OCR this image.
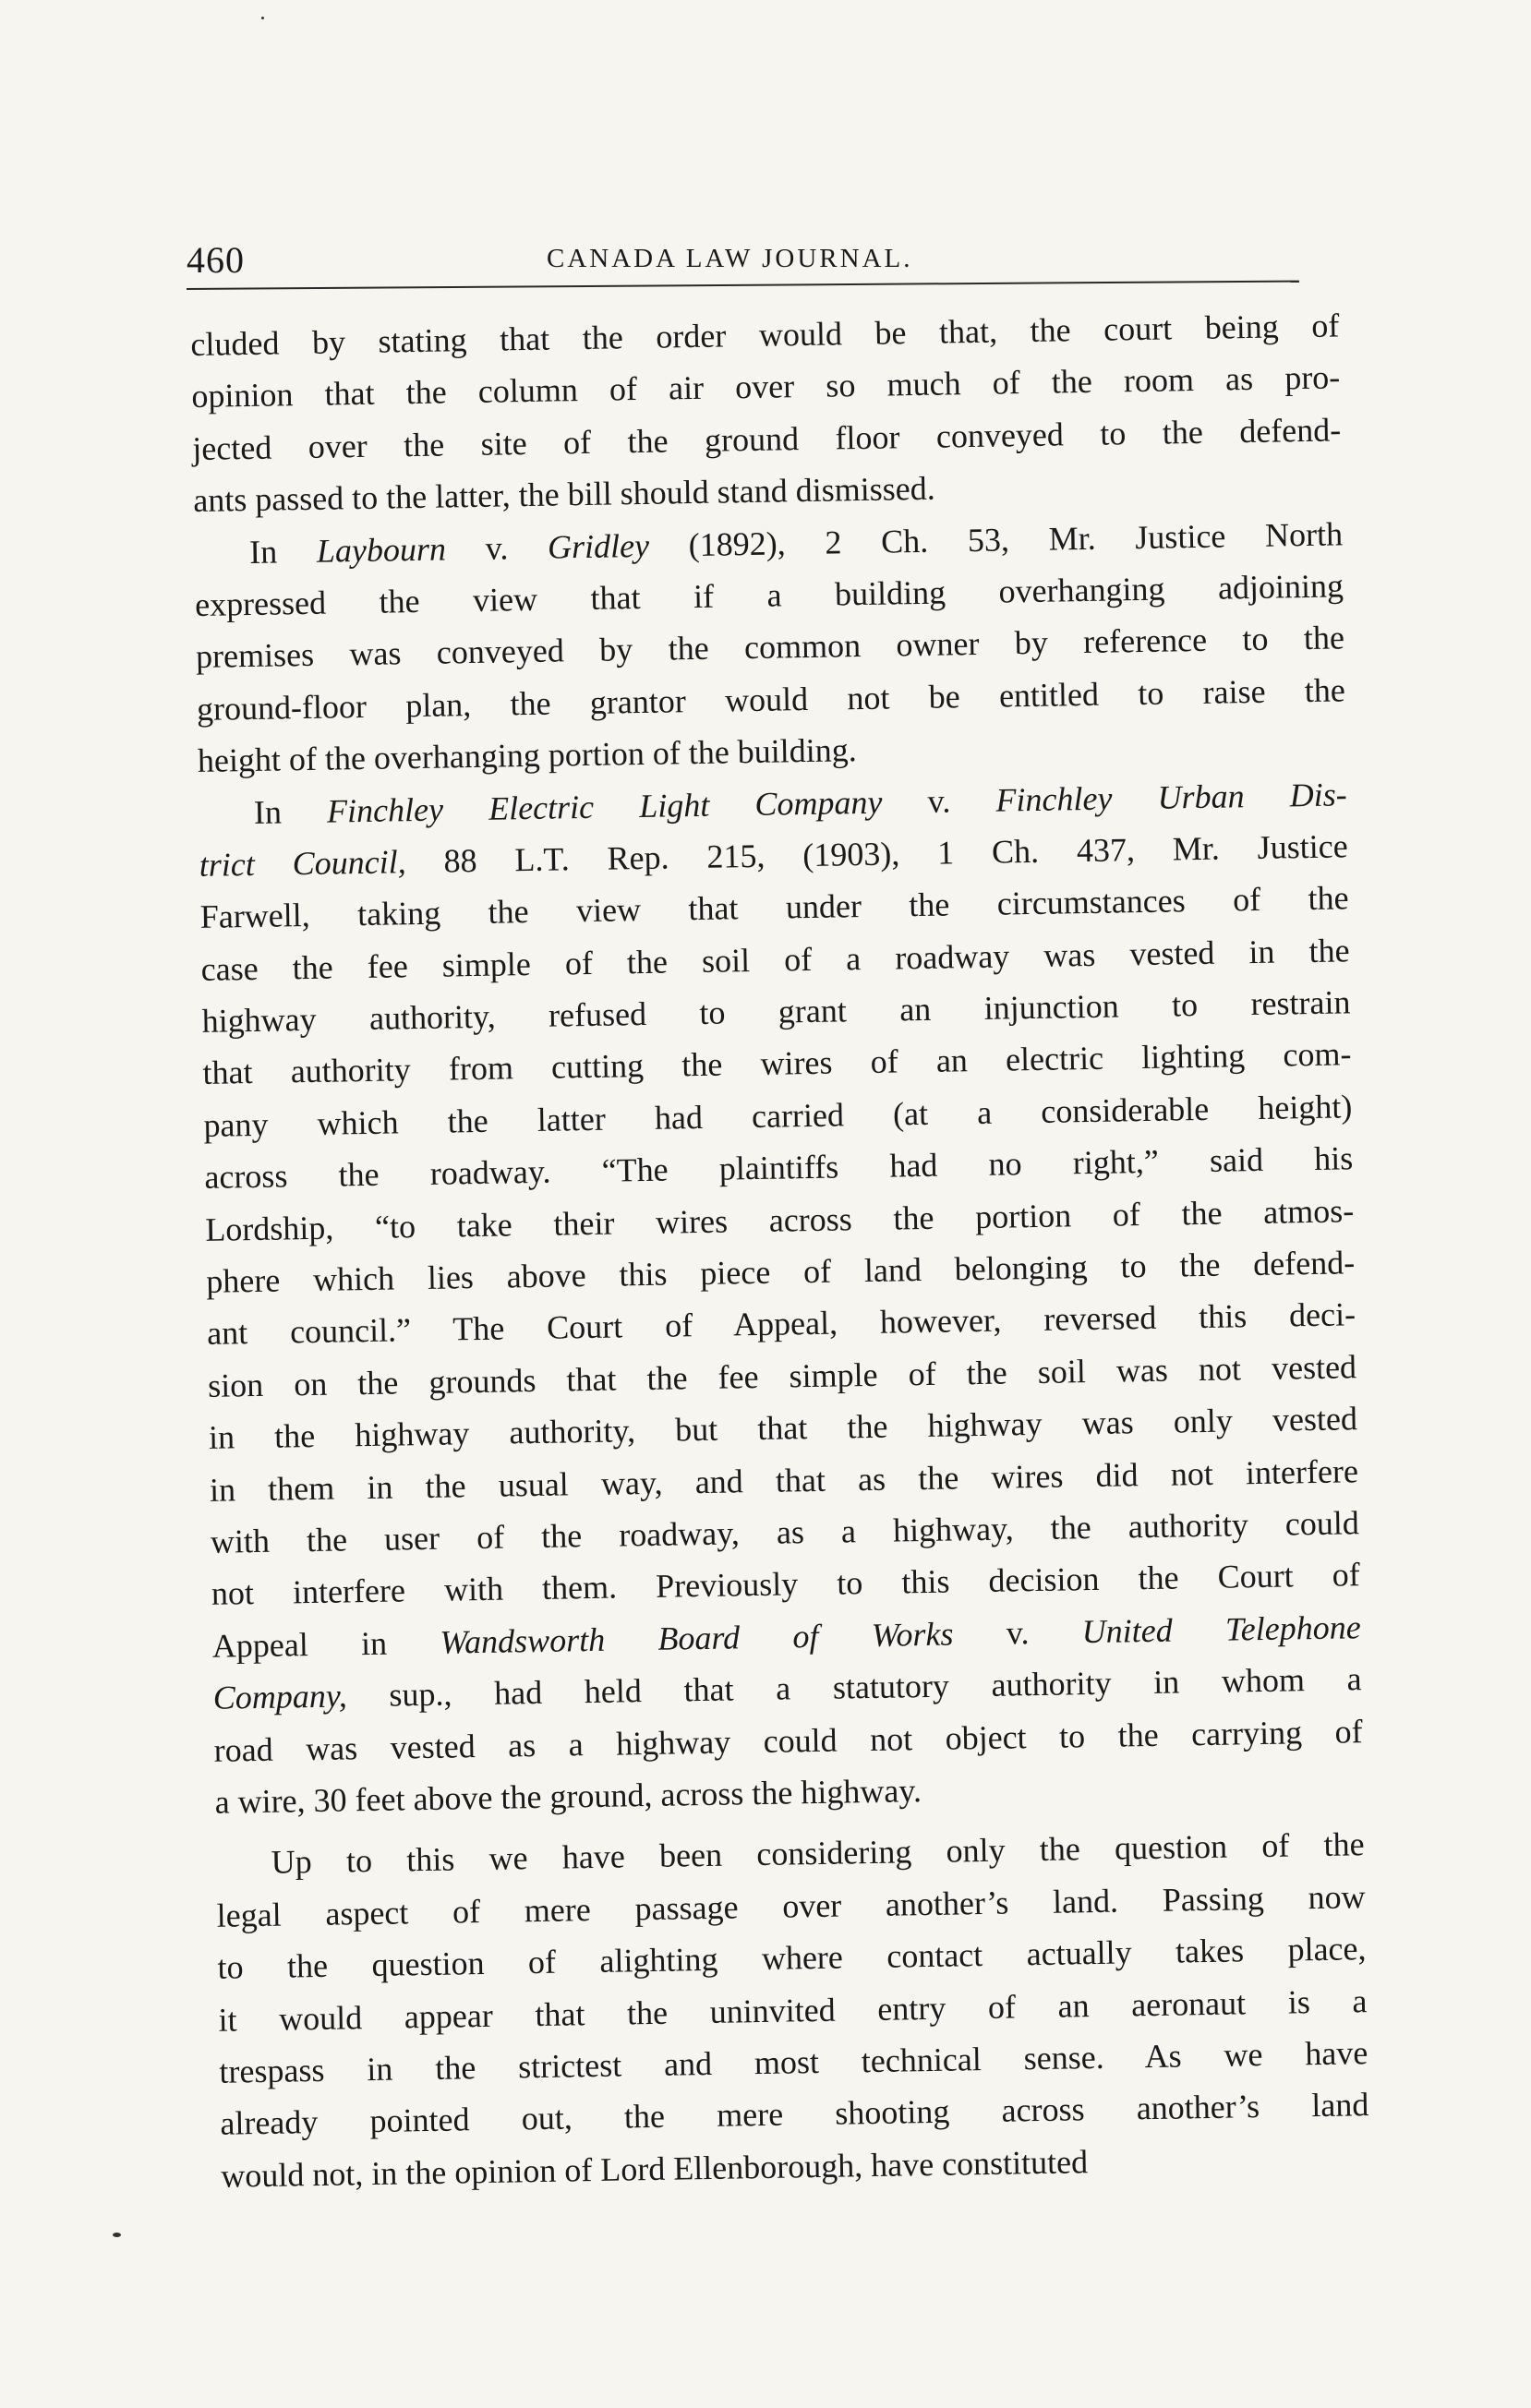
460	CANADA LAW JOURNAL.
cluded by stating that the order would be that, the court being of
opinion that the column of air over so much of the room as pro-
jected over the site of the ground floor conveyed to the defend-
ants passed to the latter, the bill should stand dismissed.
In Laybourn v. Gridley (1892), 2 Ch. 53, Mr. Justice North
expressed the view that if a building overhanging adjoining
premises was conveyed by the common owner by reference to the
ground-floor plan, the grantor would not be entitled to raise the
height of the overhanging portion of the building.
In Finchley Electric Light Company v. Finchley Urban Dis-
trict Council, 88 L.T. Rep. 215, (1903), 1 Ch. 437, Mr. Justice
Farwell, taking the view that under the circumstances of the
case the fee simple of the soil of a roadway was vested in the
highway authority, refused to grant an injunction to restrain
that authority from cutting the wires of an electric lighting com-
pany which the latter had carried (at a considerable height)
across the roadway. “The plaintiffs had no right,” said his
Lordship, “to take their wires across the portion of the atmos-
phere which lies above this piece of land belonging to the defend-
ant council.” The Court of Appeal, however, reversed this deci-
sion on the grounds that the fee simple of the soil was not vested
in the highway authority, but that the highway was only vested
in them in the usual way, and that as the wires did not interfere
with the user of the roadway, as a highway, the authority could
not interfere with them. Previously to this decision the Court of
Appeal in Wandsworth Board of Works v. United Telephone
Company, sup., had held that a statutory authority in whom a
road was vested as a highway could not object to the carrying of
a wire, 30 feet above the ground, across the highway.
Up to this we have been considering only the question of the
legal aspect of mere passage over another’s land. Passing now
to the question of alighting where contact actually takes place,
it would appear that the uninvited entry of an aeronaut is a
trespass in the strictest and most technical sense. As we have
already pointed out, the mere shooting across another’s land
would not, in the opinion of Lord Ellenborough, have constituted
